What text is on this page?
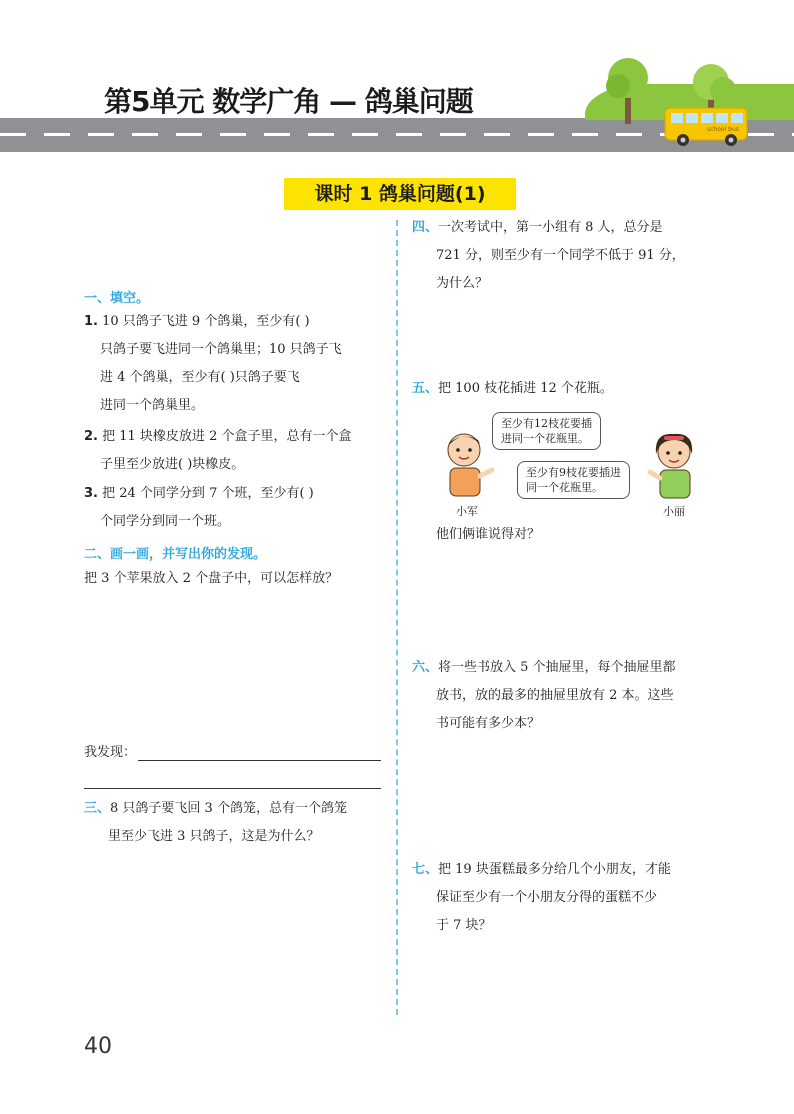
school bus
第5单元 数学广角 — 鸽巢问题
课时 1 鸽巢问题(1)
一、填空。
1. 10 只鸽子飞进 9 个鸽巢，至少有( )
只鸽子要飞进同一个鸽巢里；10 只鸽子飞
进 4 个鸽巢，至少有( )只鸽子要飞
进同一个鸽巢里。
2. 把 11 块橡皮放进 2 个盒子里，总有一个盒
子里至少放进( )块橡皮。
3. 把 24 个同学分到 7 个班，至少有( )
个同学分到同一个班。
二、画一画，并写出你的发现。
把 3 个苹果放入 2 个盘子中，可以怎样放？
我发现：
三、8 只鸽子要飞回 3 个鸽笼，总有一个鸽笼
里至少飞进 3 只鸽子，这是为什么？
四、一次考试中，第一小组有 8 人，总分是
721 分，则至少有一个同学不低于 91 分，
为什么？
五、把 100 枝花插进 12 个花瓶。
至少有12枝花要插
进同一个花瓶里。
至少有9枝花要插进
同一个花瓶里。
小军	小丽
他们俩谁说得对？
六、将一些书放入 5 个抽屉里，每个抽屉里都
放书，放的最多的抽屉里放有 2 本。这些
书可能有多少本？
七、把 19 块蛋糕最多分给几个小朋友，才能
保证至少有一个小朋友分得的蛋糕不少
于 7 块？
40
